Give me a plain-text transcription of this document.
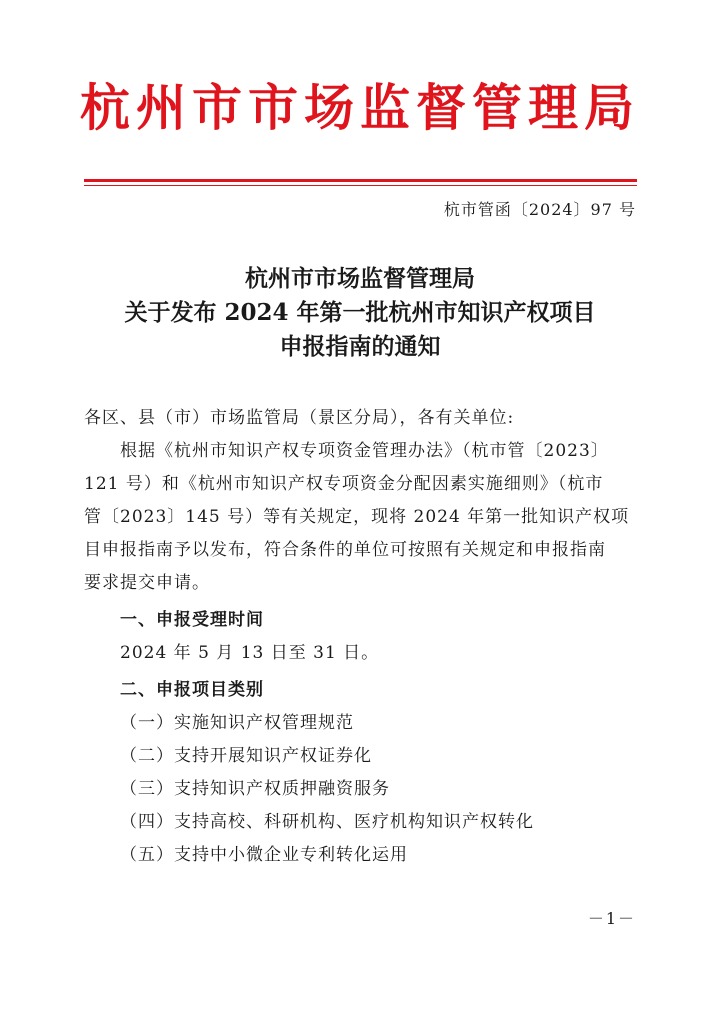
杭州市市场监督管理局
杭市管函〔2024〕97 号
杭州市市场监督管理局
关于发布 2024 年第一批杭州市知识产权项目
申报指南的通知
各区、县（市）市场监管局（景区分局），各有关单位:
根据《杭州市知识产权专项资金管理办法》（杭市管〔2023〕
121 号）和《杭州市知识产权专项资金分配因素实施细则》（杭市
管〔2023〕145 号）等有关规定，现将 2024 年第一批知识产权项
目申报指南予以发布，符合条件的单位可按照有关规定和申报指南
要求提交申请。
一、申报受理时间
2024 年 5 月 13 日至 31 日。
二、申报项目类别
（一）实施知识产权管理规范
（二）支持开展知识产权证券化
（三）支持知识产权质押融资服务
（四）支持高校、科研机构、医疗机构知识产权转化
（五）支持中小微企业专利转化运用
－1－
